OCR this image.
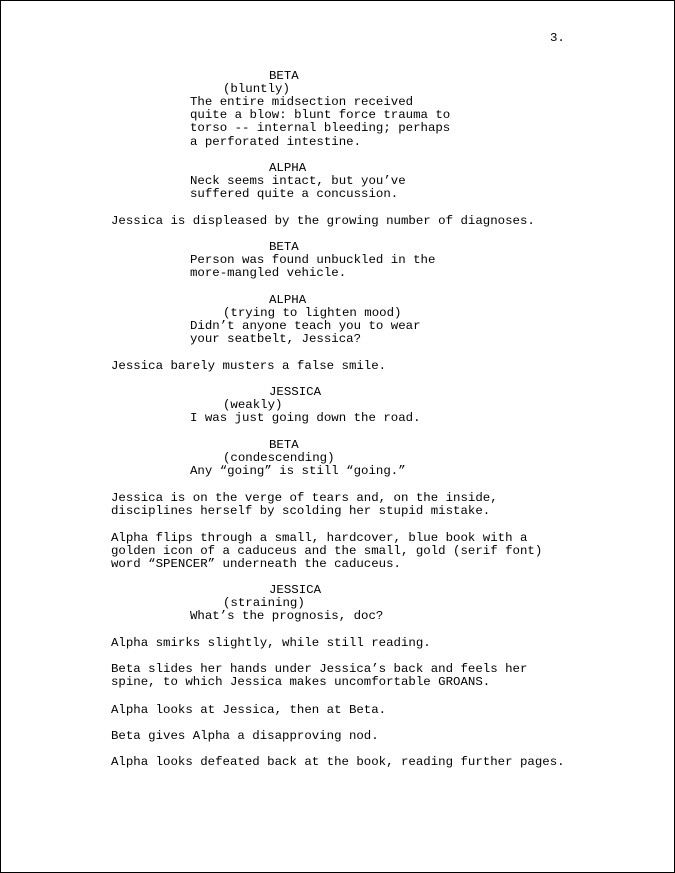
3.
BETA
(bluntly)
The entire midsection received
quite a blow: blunt force trauma to
torso -- internal bleeding; perhaps
a perforated intestine.
ALPHA
Neck seems intact, but you’ve
suffered quite a concussion.
Jessica is displeased by the growing number of diagnoses.
BETA
Person was found unbuckled in the
more-mangled vehicle.
ALPHA
(trying to lighten mood)
Didn’t anyone teach you to wear
your seatbelt, Jessica?
Jessica barely musters a false smile.
JESSICA
(weakly)
I was just going down the road.
BETA
(condescending)
Any “going” is still “going.”
Jessica is on the verge of tears and, on the inside,
disciplines herself by scolding her stupid mistake.
Alpha flips through a small, hardcover, blue book with a
golden icon of a caduceus and the small, gold (serif font)
word “SPENCER” underneath the caduceus.
JESSICA
(straining)
What’s the prognosis, doc?
Alpha smirks slightly, while still reading.
Beta slides her hands under Jessica’s back and feels her
spine, to which Jessica makes uncomfortable GROANS.
Alpha looks at Jessica, then at Beta.
Beta gives Alpha a disapproving nod.
Alpha looks defeated back at the book, reading further pages.
